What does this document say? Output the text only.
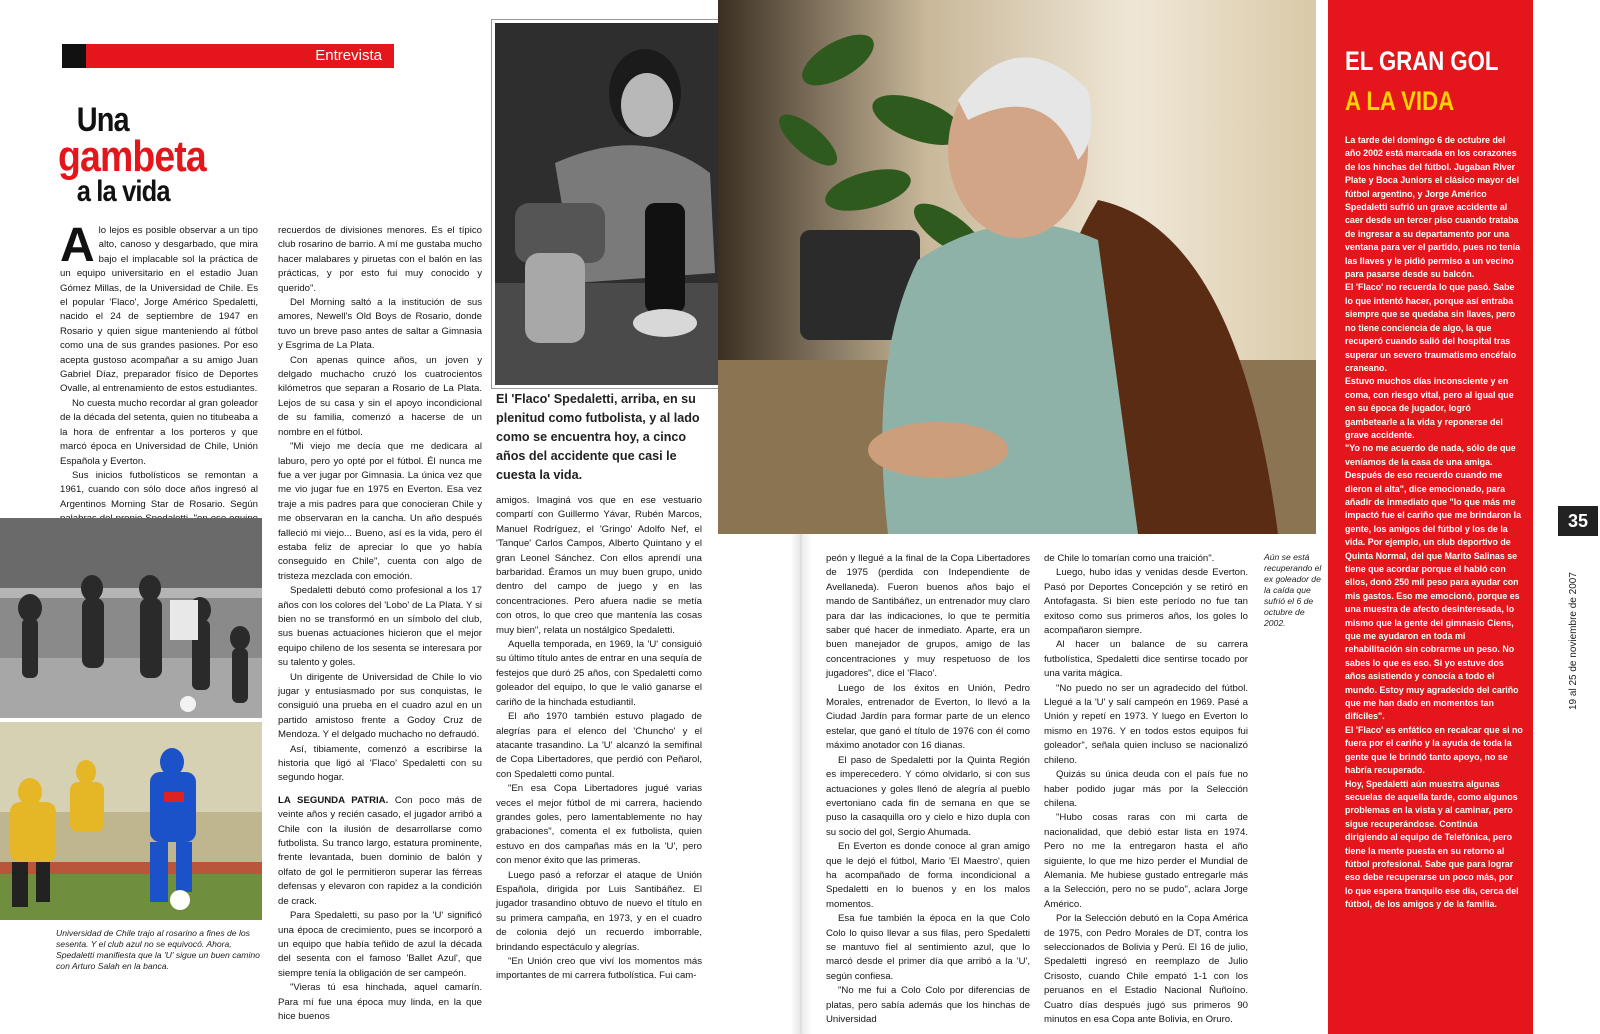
Entrevista
Una
gambeta
a la vida

Alo lejos es posible observar a un tipo alto, canoso y desgarbado, que mira bajo el implacable sol la práctica de un equipo universitario en el estadio Juan Gómez Millas, de la Universidad de Chile. Es el popular 'Flaco', Jorge Américo Spedaletti, nacido el 24 de septiembre de 1947 en Rosario y quien sigue manteniendo al fútbol como una de sus grandes pasiones. Por eso acepta gustoso acompañar a su amigo Juan Gabriel Díaz, preparador físico de Deportes Ovalle, al entrenamiento de estos estudiantes.

No cuesta mucho recordar al gran goleador de la década del setenta, quien no titubeaba a la hora de enfrentar a los porteros y que marcó época en Universidad de Chile, Unión Española y Everton.

Sus inicios futbolísticos se remontan a 1961, cuando con sólo doce años ingresó al Argentinos Morning Star de Rosario. Según

Universidad de Chile trajo al rosarino a fines de los sesenta. Y el club azul no se equivocó. Ahora, Spedaletti manifiesta que la 'U' sigue un buen camino con Arturo Salah en la banca.

recuerdos de divisiones menores. Es el típico club rosarino de barrio. A mí me gustaba mucho hacer malabares y piruetas con el balón en las prácticas, y por esto fui muy conocido y querido".

Del Morning saltó a la institución de sus amores, Newell's Old Boys de Rosario, donde tuvo un breve paso antes de saltar a Gimnasia y Esgrima de La Plata.

Con apenas quince años, un joven y delgado muchacho cruzó los cuatrocientos kilómetros que separan a Rosario de La Plata. Lejos de su casa y sin el apoyo incondicional de su familia, comenzó a hacerse de un nombre en el fútbol.

"Mi viejo me decía que me dedicara al laburo, pero yo opté por el fútbol. Él nunca me fue a ver jugar por Gimnasia. La única vez que me vio jugar fue en 1975 en Everton. Esa vez traje a mis padres para que conocieran Chile y me observaran en la cancha. Un año después falleció mi viejo... Bueno, así es la vida, pero él estaba feliz de apreciar lo que yo había conseguido en Chile", cuenta con algo de tristeza mezclada con emoción.

Spedaletti debutó como profesional a los 17 años con los colores del 'Lobo' de La Plata. Y si bien no se transformó en un símbolo del club, sus buenas actuaciones hicieron que el mejor equipo chileno de los sesenta se interesara por su talento y goles.

Un dirigente de Universidad de Chile lo vio jugar y entusiasmado por sus conquistas, le consiguió una prueba en el cuadro azul en un partido amistoso frente a Godoy Cruz de Mendoza. Y el delgado muchacho no defraudó.

Así, tibiamente, comenzó a escribirse la historia que ligó al 'Flaco' Spedaletti con su segundo hogar.

LA SEGUNDA PATRIA. Con poco más de veinte años y recién casado, el jugador arribó a Chile con la ilusión de desarrollarse como futbolista. Su tranco largo, estatura prominente, frente levantada, buen dominio de balón y olfato de gol le permitieron superar las férreas defensas y elevaron con rapidez a la condición de crack.

Para Spedaletti, su paso por la 'U' significó una época de crecimiento, pues se incorporó a un equipo que había teñido de azul la década del sesenta con el famoso 'Ballet Azul', que siempre tenía la obligación de ser campeón.

"Vieras tú esa hinchada, aquel camarín. Para mí fue una época muy linda, en la que hice buenos

El 'Flaco' Spedaletti, arriba, en su plenitud como futbolista, y al lado como se encuentra hoy, a cinco años del accidente que casi le cuesta la vida.

amigos. Imaginá vos que en ese vestuario compartí con Guillermo Yávar, Rubén Marcos, Manuel Rodríguez, el 'Gringo' Adolfo Nef, el 'Tanque' Carlos Campos, Alberto Quintano y el gran Leonel Sánchez. Con ellos aprendí una barbaridad. Éramos un muy buen grupo, unido dentro del campo de juego y en las concentraciones. Pero afuera nadie se metía con otros, lo que creo que mantenía las cosas muy bien", relata un nostálgico Spedaletti.

Aquella temporada, en 1969, la 'U' consiguió su último título antes de entrar en una sequía de festejos que duró 25 años, con Spedaletti como goleador del equipo, lo que le valió ganarse el cariño de la hinchada estudiantil.

El año 1970 también estuvo plagado de alegrías para el elenco del 'Chuncho' y el atacante trasandino. La 'U' alcanzó la semifinal de Copa Libertadores, que perdió con Peñarol, con Spedaletti como puntal.

"En esa Copa Libertadores jugué varias veces el mejor fútbol de mi carrera, haciendo grandes goles, pero lamentablemente no hay grabaciones", comenta el ex futbolista, quien estuvo en dos campañas más en la 'U', pero con menor éxito que las primeras.

Luego pasó a reforzar el ataque de Unión Española, dirigida por Luis Santibáñez. El jugador trasandino obtuvo de nuevo el título en su primera campaña, en 1973, y en el cuadro de colonia dejó un recuerdo imborrable, brindando espectáculo y alegrías.

"En Unión creo que viví los momentos más importantes de mi carrera futbolística. Fui cam-

peón y llegué a la final de la Copa Libertadores de 1975 (perdida con Independiente de Avellaneda). Fueron buenos años bajo el mando de Santibáñez, un entrenador muy claro para dar las indicaciones, lo que te permitía saber qué hacer de inmediato. Aparte, era un buen manejador de grupos, amigo de las concentraciones y muy respetuoso de los jugadores", dice el 'Flaco'.

Luego de los éxitos en Unión, Pedro Morales, entrenador de Everton, lo llevó a la Ciudad Jardín para formar parte de un elenco estelar, que ganó el título de 1976 con él como máximo anotador con 16 dianas.

El paso de Spedaletti por la Quinta Región es imperecedero. Y cómo olvidarlo, si con sus actuaciones y goles llenó de alegría al pueblo evertoniano cada fin de semana en que se puso la casaquilla oro y cielo e hizo dupla con su socio del gol, Sergio Ahumada.

En Everton es donde conoce al gran amigo que le dejó el fútbol, Mario 'El Maestro', quien ha acompañado de forma incondicional a Spedaletti en lo buenos y en los malos momentos.

Esa fue también la época en la que Colo Colo lo quiso llevar a sus filas, pero Spedaletti se mantuvo fiel al sentimiento azul, que lo marcó desde el primer día que arribó a la 'U', según confiesa.

"No me fui a Colo Colo por diferencias de platas, pero sabía además que los hinchas de Universidad

de Chile lo tomarían como una traición".

Luego, hubo idas y venidas desde Everton. Pasó por Deportes Concepción y se retiró en Antofagasta. Si bien este período no fue tan exitoso como sus primeros años, los goles lo acompañaron siempre.

Al hacer un balance de su carrera futbolística, Spedaletti dice sentirse tocado por una varita mágica.

"No puedo no ser un agradecido del fútbol. Llegué a la 'U' y salí campeón en 1969. Pasé a Unión y repetí en 1973. Y luego en Everton lo mismo en 1976. Y en todos estos equipos fui goleador", señala quien incluso se nacionalizó chileno.

Quizás su única deuda con el país fue no haber podido jugar más por la Selección chilena.

"Hubo cosas raras con mi carta de nacionalidad, que debió estar lista en 1974. Pero no me la entregaron hasta el año siguiente, lo que me hizo perder el Mundial de Alemania. Me hubiese gustado entregarle más a la Selección, pero no se pudo", aclara Jorge Américo.

Por la Selección debutó en la Copa América de 1975, con Pedro Morales de DT, contra los seleccionados de Bolivia y Perú. El 16 de julio, Spedaletti ingresó en reemplazo de Julio Crisosto, cuando Chile empató 1-1 con los peruanos en el Estadio Nacional Ñuñoíno. Cuatro días después jugó sus primeros 90 minutos en esa Copa ante Bolivia, en Oruro.

Aún se está recuperando el ex goleador de la caída que sufrió el 6 de octubre de 2002.
EL GRAN GOL
A LA VIDA

La tarde del domingo 6 de octubre del año 2002 está marcada en los corazones de los hinchas del fútbol. Jugaban River Plate y Boca Juniors el clásico mayor del fútbol argentino, y Jorge Américo Spedaletti sufrió un grave accidente al caer desde un tercer piso cuando trataba de ingresar a su departamento por una ventana para ver el partido, pues no tenía las llaves y le pidió permiso a un vecino para pasarse desde su balcón.

El 'Flaco' no recuerda lo que pasó. Sabe lo que intentó hacer, porque así entraba siempre que se quedaba sin llaves, pero no tiene conciencia de algo, la que recuperó cuando salió del hospital tras superar un severo traumatismo encéfalo craneano.

Estuvo muchos días inconsciente y en coma, con riesgo vital, pero al igual que en su época de jugador, logró gambetearle a la vida y reponerse del grave accidente.

"Yo no me acuerdo de nada, sólo de que veníamos de la casa de una amiga. Después de eso recuerdo cuando me dieron el alta", dice emocionado, para añadir de inmediato que "lo que más me impactó fue el cariño que me brindaron la gente, los amigos del fútbol y los de la vida. Por ejemplo, un club deportivo de Quinta Normal, del que Marito Salinas se tiene que acordar porque el habló con ellos, donó 250 mil peso para ayudar con mis gastos. Eso me emocionó, porque es una muestra de afecto desinteresada, lo mismo que la gente del gimnasio Ciens, que me ayudaron en toda mi rehabilitación sin cobrarme un peso. No sabes lo que es eso. Si yo estuve dos años asistiendo y conocía a todo el mundo. Estoy muy agradecido del cariño que me han dado en momentos tan difíciles".

El 'Flaco' es enfático en recalcar que si no fuera por el cariño y la ayuda de toda la gente que le brindó tanto apoyo, no se habría recuperado.

Hoy, Spedaletti aún muestra algunas secuelas de aquella tarde, como algunos problemas en la vista y al caminar, pero sigue recuperándose. Continúa dirigiendo al equipo de Telefónica, pero tiene la mente puesta en su retorno al fútbol profesional. Sabe que para lograr eso debe recuperarse un poco más, por lo que espera tranquilo ese día, cerca del fútbol, de los amigos y de la familia.

35
19 al 25 de noviembre de 2007
